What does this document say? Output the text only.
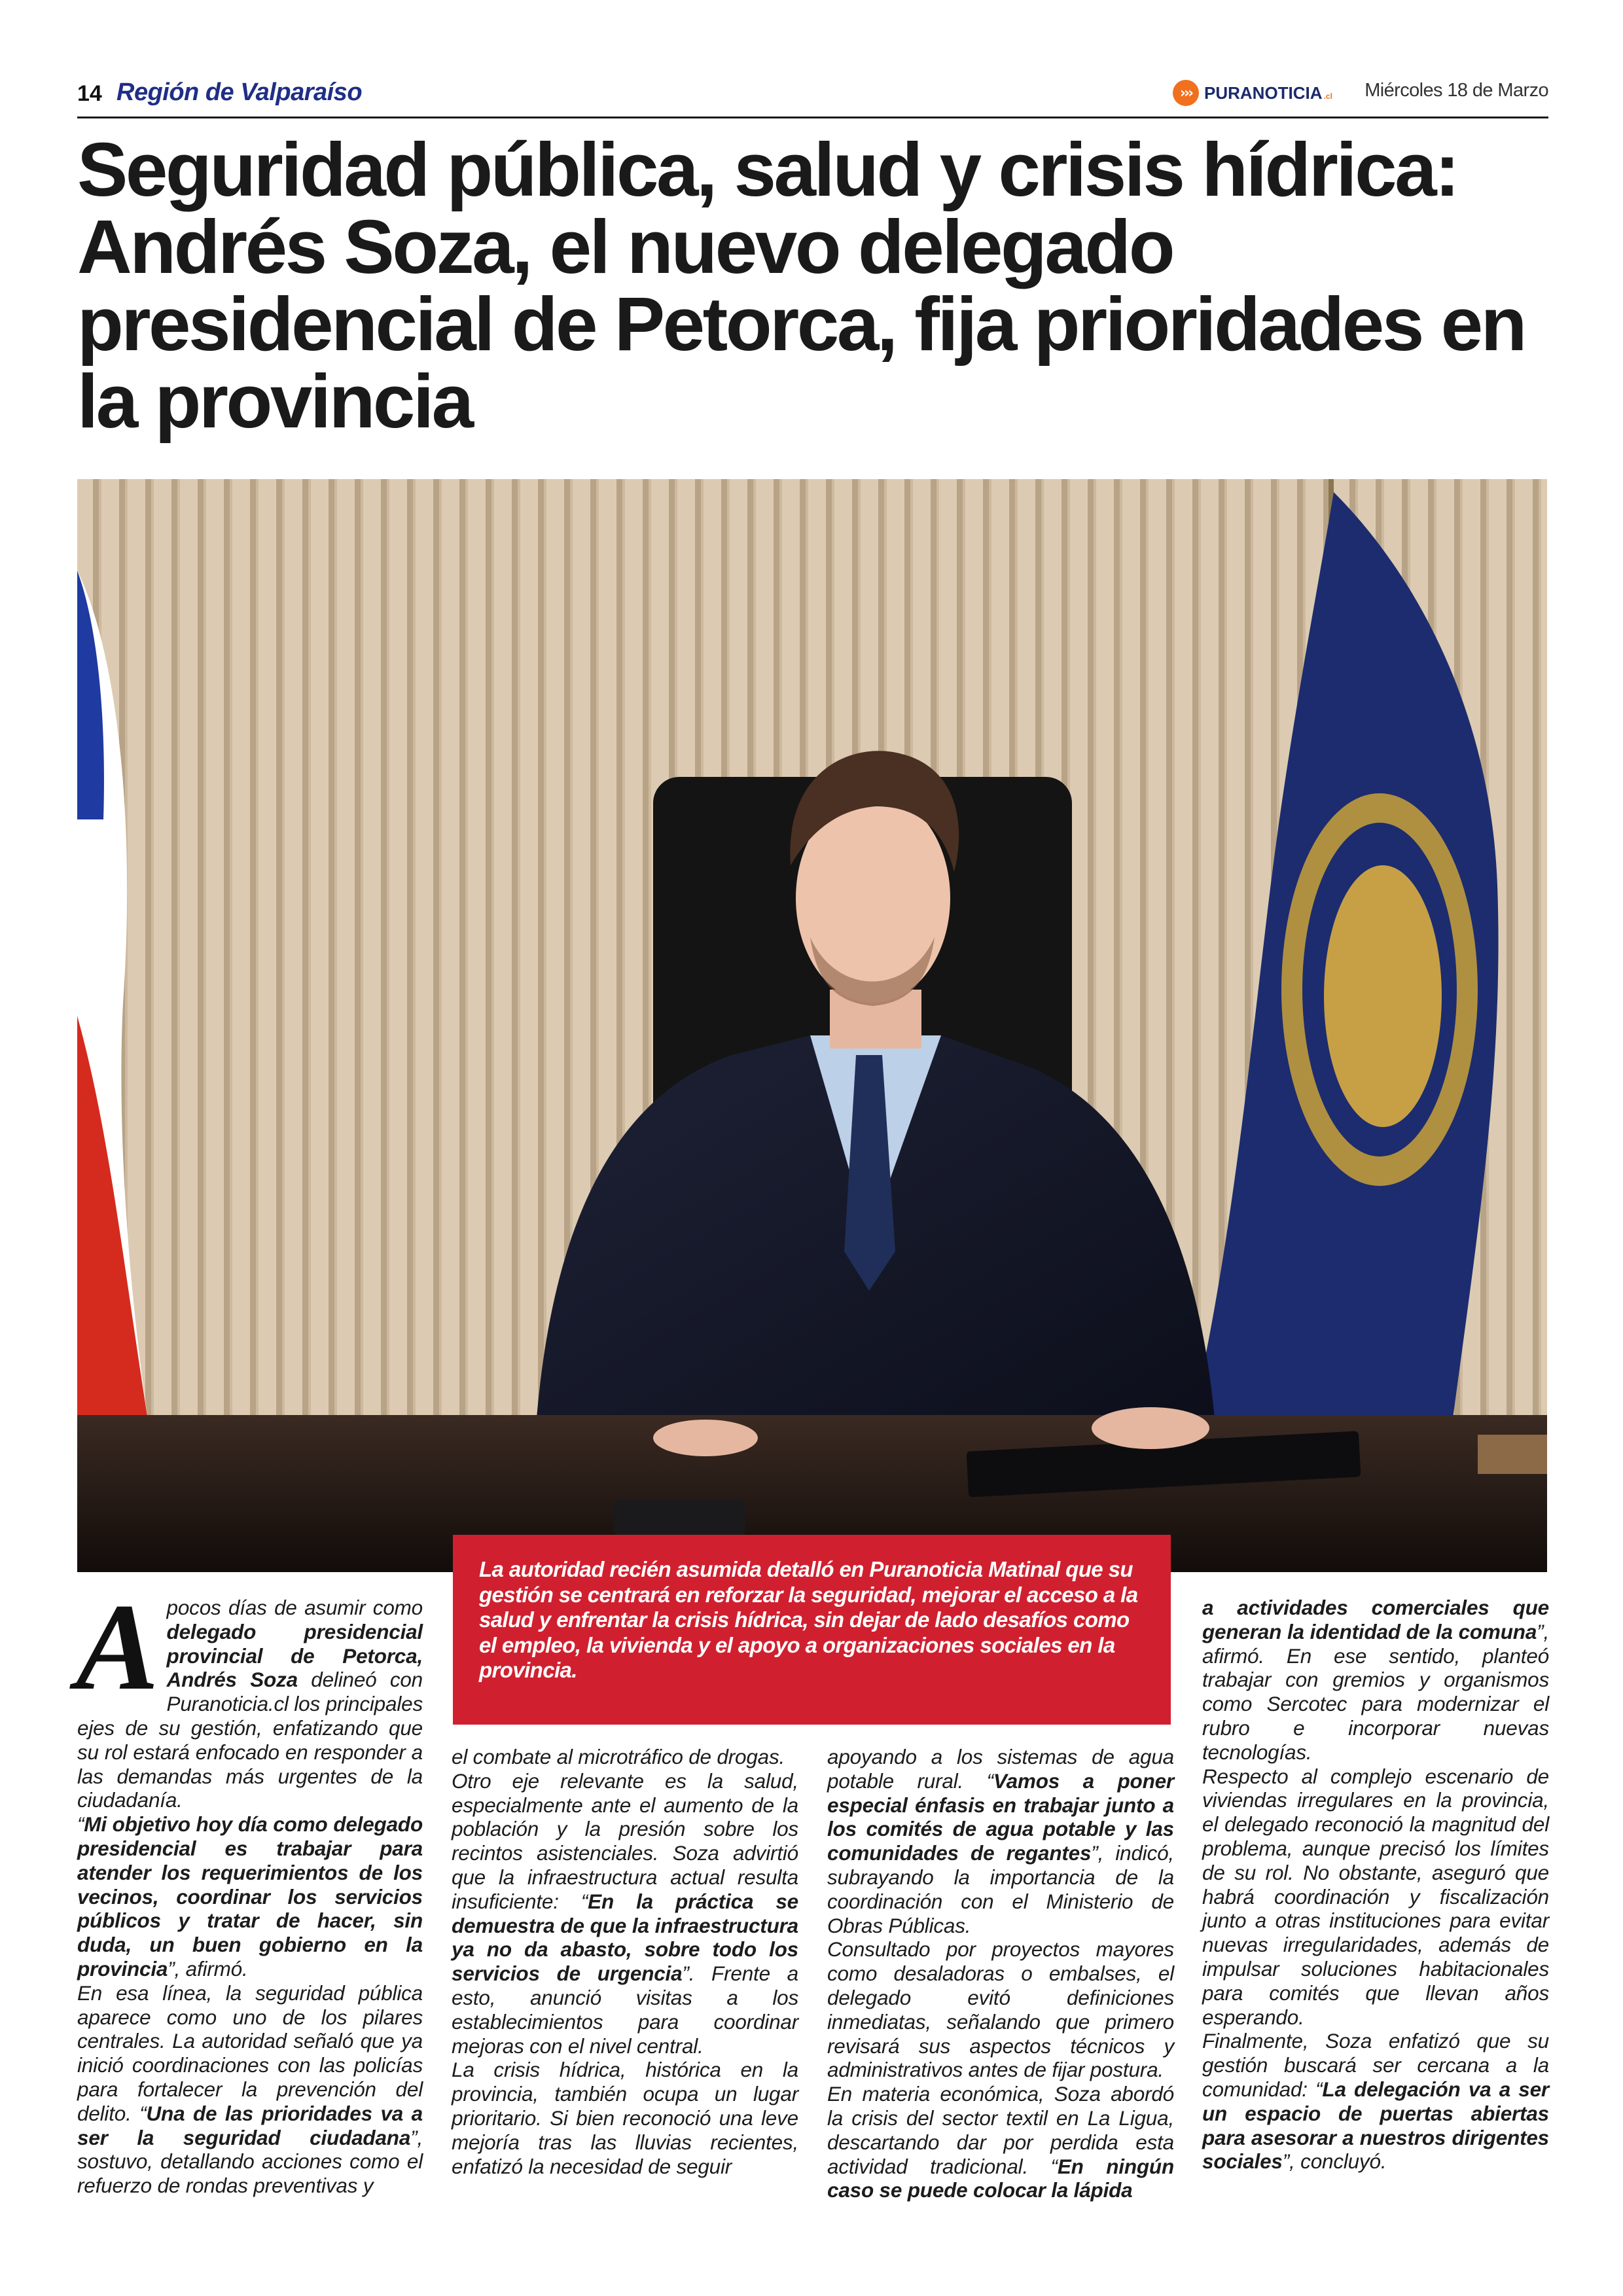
14 Región de Valparaíso	››› PURANOTICIA .cl Miércoles 18 de Marzo
Seguridad pública, salud y crisis hídrica: Andrés Soza, el nuevo delegado presidencial de Petorca, fija prioridades en la provincia

La autoridad recién asumida detalló en Puranoticia Matinal que su gestión se centrará en reforzar la seguridad, mejorar el acceso a la salud y enfrentar la crisis hídrica, sin dejar de lado desafíos como el empleo, la vivienda y el apoyo a organizaciones sociales en la provincia.

A pocos días de asumir como delegado presidencial provincial de Petorca, Andrés Soza delineó con Puranoticia.cl los principales ejes de su gestión, enfatizando que su rol estará enfocado en responder a las demandas más urgentes de la ciudadanía.

“Mi objetivo hoy día como delegado presidencial es trabajar para atender los requerimientos de los vecinos, coordinar los servicios públicos y tratar de hacer, sin duda, un buen gobierno en la provincia”, afirmó.

En esa línea, la seguridad pública aparece como uno de los pilares centrales. La autoridad señaló que ya inició coordinaciones con las policías para fortalecer la prevención del delito. “Una de las prioridades va a ser la seguridad ciudadana”, sostuvo, detallando acciones como el refuerzo de rondas preventivas y

el combate al microtráfico de drogas.

Otro eje relevante es la salud, especialmente ante el aumento de la población y la presión sobre los recintos asistenciales. Soza advirtió que la infraestructura actual resulta insuficiente: “En la práctica se demuestra de que la infraestructura ya no da abasto, sobre todo los servicios de urgencia”. Frente a esto, anunció visitas a los establecimientos para coordinar mejoras con el nivel central.

La crisis hídrica, histórica en la provincia, también ocupa un lugar prioritario. Si bien reconoció una leve mejoría tras las lluvias recientes, enfatizó la necesidad de seguir

apoyando a los sistemas de agua potable rural. “Vamos a poner especial énfasis en trabajar junto a los comités de agua potable y las comunidades de regantes”, indicó, subrayando la importancia de la coordinación con el Ministerio de Obras Públicas.

Consultado por proyectos mayores como desaladoras o embalses, el delegado evitó definiciones inmediatas, señalando que primero revisará sus aspectos técnicos y administrativos antes de fijar postura.

En materia económica, Soza abordó la crisis del sector textil en La Ligua, descartando dar por perdida esta actividad tradicional. “En ningún caso se puede colocar la lápida

a actividades comerciales que generan la identidad de la comuna”, afirmó. En ese sentido, planteó trabajar con gremios y organismos como Sercotec para modernizar el rubro e incorporar nuevas tecnologías.

Respecto al complejo escenario de viviendas irregulares en la provincia, el delegado reconoció la magnitud del problema, aunque precisó los límites de su rol. No obstante, aseguró que habrá coordinación y fiscalización junto a otras instituciones para evitar nuevas irregularidades, además de impulsar soluciones habitacionales para comités que llevan años esperando.

Finalmente, Soza enfatizó que su gestión buscará ser cercana a la comunidad: “La delegación va a ser un espacio de puertas abiertas para asesorar a nuestros dirigentes sociales”, concluyó.
